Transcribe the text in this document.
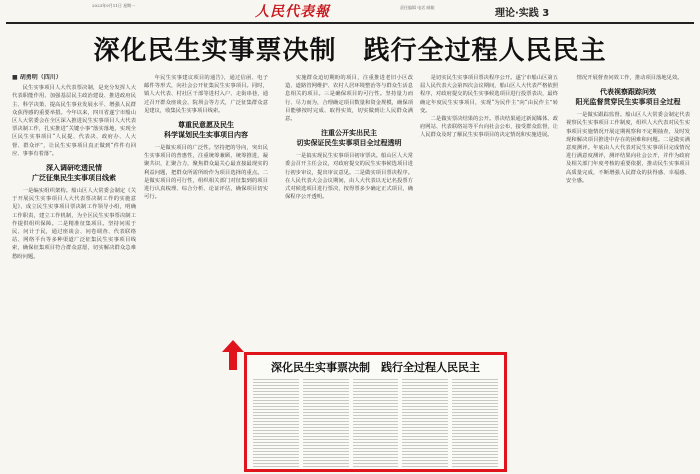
2023年9月11日 星期一	人民代表報	责任编辑 电话 邮箱
理论·实践 3
深化民生实事票决制　践行全过程人民民主
■ 胡勇明（四川）

民生实事项目人大代表票决制，是充分发挥人大代表职能作用、加强基层民主政治建设、推进政府民主、科学决策、提高民生事业发展水平、增强人民群众获得感的重要举措。今年以来，四川省遂宁市船山区人大常委会在全区深入推进民生实事项目人大代表票决制工作，扎实推进“关键小事”落实落地，实现全区民生实事项目“人民提、代表决、政府办、人大督、群众评”，让民生实事项目真正做到“件件有回应、事事有着落”。

深入调研吃透民情
广泛征集民生实事项目线索

一是编实组织架构。船山区人大常委会制定《关于开展民生实事项目人大代表票决制工作的实施意见》，成立民生实事项目票决制工作领导小组，明确工作职责，建立工作机制，为全区民生实事票决制工作提供组织保障。二是精准征集项目。坚持问需于民、问计于民，通过座谈会、问卷调查、代表联络站、网络平台等多种渠道广泛征集民生实事项目线索，确保征集项目符合群众意愿，切实解决群众急难愁盼问题。

年民生实事建议项目的通告》，通过信函、电子邮件等形式，向社会公开征集民生实事项目。同时，镇人大代表、村社区干部等进村入户、走街串巷，通过召开群众座谈会、院坝会等方式，广泛征集群众意见建议，收集民生实事项目线索。

尊重民意愿及民生
科学谋划民生实事项目内容

一是做实项目的广泛性。坚持把的导向，突出民生实事项目的普惠性，注重统筹兼顾，统筹推进，凝聚共识，汇聚合力，聚焦群众最关心最直接最现实的利益问题，把群众所需所盼作为项目选择的重点。二是做实项目的可行性，组织相关部门对征集到的项目进行认真梳理、综合分析、论证评估，确保项目切实可行。

实施群众迫切期盼的项目，注重推进老旧小区改造、道路管网维护、农村人居环境整治等与群众生活息息相关的项目。三是确保项目的可行性。坚持量力而行、尽力而为，合理确定项目数量和资金规模，确保项目能够按时完成、取得实效，切实做到让人民群众满意。

注重公开实出民主
切实保证民生实事项目全过程透明

一是搞实现民生实事项目初审票决。船山区人大常委会召开主任会议，对政府提交的民生实事候选项目进行初步审议，提出审议意见。二是做实项目票决程序。在人民代表大会会议期间，由人大代表以无记名投票方式对候选项目进行票决，按得票多少确定正式项目，确保程序公开透明。

是切实民生实事项目票决程序公开。遂宁市船山区第五届人民代表大会第四次会议期间，船山区人大代表严格依照程序，对政府提交的民生实事候选项目进行投票表决，最终确定年度民生实事项目，实现“为民作主”向“由民作主”转变。

二是做实票决结果的公开。票决结果通过新闻媒体、政府网站、代表联络站等平台向社会公布，接受群众监督，让人民群众及时了解民生实事项目的决定情况和实施进展。

情况开展督查问效工作，推动项目落地见效。

代表视察跟踪问效
阳光监督贯穿民生实事项目全过程

一是做实跟踪监督。船山区人大常委会制定代表视察民生实事项目工作制度，组织人大代表对民生实事项目实施情况开展定期视察和不定期抽查，及时发现和解决项目推进中存在的困难和问题。二是做实满意度测评。年底由人大代表对民生实事项目完成情况进行满意度测评，测评结果向社会公开，并作为政府及相关部门年度考核的重要依据，推动民生实事项目高质量完成，不断增强人民群众的获得感、幸福感、安全感。

深化民生实事票决制　践行全过程人民民主
